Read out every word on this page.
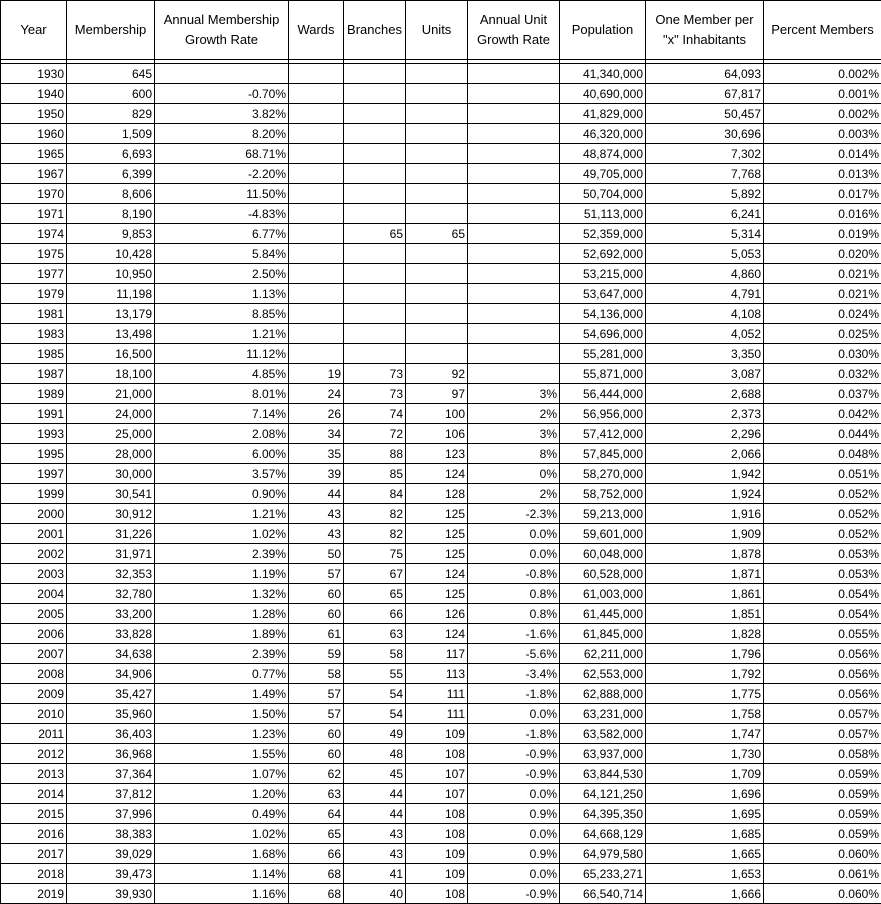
Year	Membership	Annual Membership Growth Rate	Wards	Branches	Units	Annual Unit Growth Rate	Population	One Member per "x" Inhabitants	Percent Members

1930	645						41,340,000	64,093	0.002%
1940	600	-0.70%					40,690,000	67,817	0.001%
1950	829	3.82%					41,829,000	50,457	0.002%
1960	1,509	8.20%					46,320,000	30,696	0.003%
1965	6,693	68.71%					48,874,000	7,302	0.014%
1967	6,399	-2.20%					49,705,000	7,768	0.013%
1970	8,606	11.50%					50,704,000	5,892	0.017%
1971	8,190	-4.83%					51,113,000	6,241	0.016%
1974	9,853	6.77%		65	65		52,359,000	5,314	0.019%
1975	10,428	5.84%					52,692,000	5,053	0.020%
1977	10,950	2.50%					53,215,000	4,860	0.021%
1979	11,198	1.13%					53,647,000	4,791	0.021%
1981	13,179	8.85%					54,136,000	4,108	0.024%
1983	13,498	1.21%					54,696,000	4,052	0.025%
1985	16,500	11.12%					55,281,000	3,350	0.030%
1987	18,100	4.85%	19	73	92		55,871,000	3,087	0.032%
1989	21,000	8.01%	24	73	97	3%	56,444,000	2,688	0.037%
1991	24,000	7.14%	26	74	100	2%	56,956,000	2,373	0.042%
1993	25,000	2.08%	34	72	106	3%	57,412,000	2,296	0.044%
1995	28,000	6.00%	35	88	123	8%	57,845,000	2,066	0.048%
1997	30,000	3.57%	39	85	124	0%	58,270,000	1,942	0.051%
1999	30,541	0.90%	44	84	128	2%	58,752,000	1,924	0.052%
2000	30,912	1.21%	43	82	125	-2.3%	59,213,000	1,916	0.052%
2001	31,226	1.02%	43	82	125	0.0%	59,601,000	1,909	0.052%
2002	31,971	2.39%	50	75	125	0.0%	60,048,000	1,878	0.053%
2003	32,353	1.19%	57	67	124	-0.8%	60,528,000	1,871	0.053%
2004	32,780	1.32%	60	65	125	0.8%	61,003,000	1,861	0.054%
2005	33,200	1.28%	60	66	126	0.8%	61,445,000	1,851	0.054%
2006	33,828	1.89%	61	63	124	-1.6%	61,845,000	1,828	0.055%
2007	34,638	2.39%	59	58	117	-5.6%	62,211,000	1,796	0.056%
2008	34,906	0.77%	58	55	113	-3.4%	62,553,000	1,792	0.056%
2009	35,427	1.49%	57	54	111	-1.8%	62,888,000	1,775	0.056%
2010	35,960	1.50%	57	54	111	0.0%	63,231,000	1,758	0.057%
2011	36,403	1.23%	60	49	109	-1.8%	63,582,000	1,747	0.057%
2012	36,968	1.55%	60	48	108	-0.9%	63,937,000	1,730	0.058%
2013	37,364	1.07%	62	45	107	-0.9%	63,844,530	1,709	0.059%
2014	37,812	1.20%	63	44	107	0.0%	64,121,250	1,696	0.059%
2015	37,996	0.49%	64	44	108	0.9%	64,395,350	1,695	0.059%
2016	38,383	1.02%	65	43	108	0.0%	64,668,129	1,685	0.059%
2017	39,029	1.68%	66	43	109	0.9%	64,979,580	1,665	0.060%
2018	39,473	1.14%	68	41	109	0.0%	65,233,271	1,653	0.061%
2019	39,930	1.16%	68	40	108	-0.9%	66,540,714	1,666	0.060%
